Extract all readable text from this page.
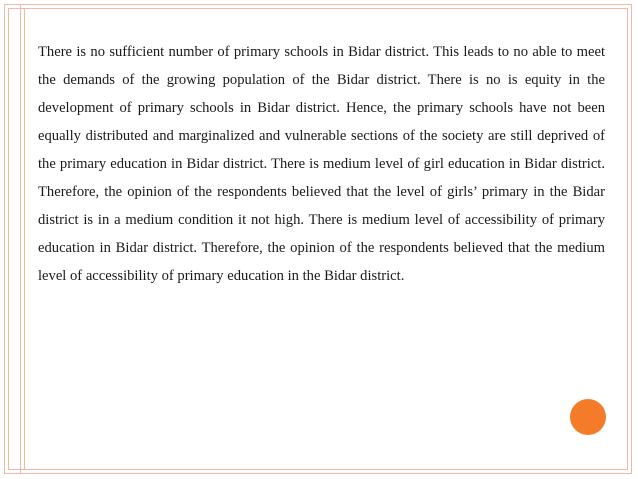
There is no sufficient number of primary schools in Bidar district. This leads to no able to meet the demands of the growing population of the Bidar district. There is no is equity in the development of primary schools in Bidar district. Hence, the primary schools have not been equally distributed and marginalized and vulnerable sections of the society are still deprived of the primary education in Bidar district. There is medium level of girl education in Bidar district. Therefore, the opinion of the respondents believed that the level of girls’ primary in the Bidar district is in a medium condition it not high. There is medium level of accessibility of primary education in Bidar district. Therefore, the opinion of the respondents believed that the medium level of accessibility of primary education in the Bidar district.
